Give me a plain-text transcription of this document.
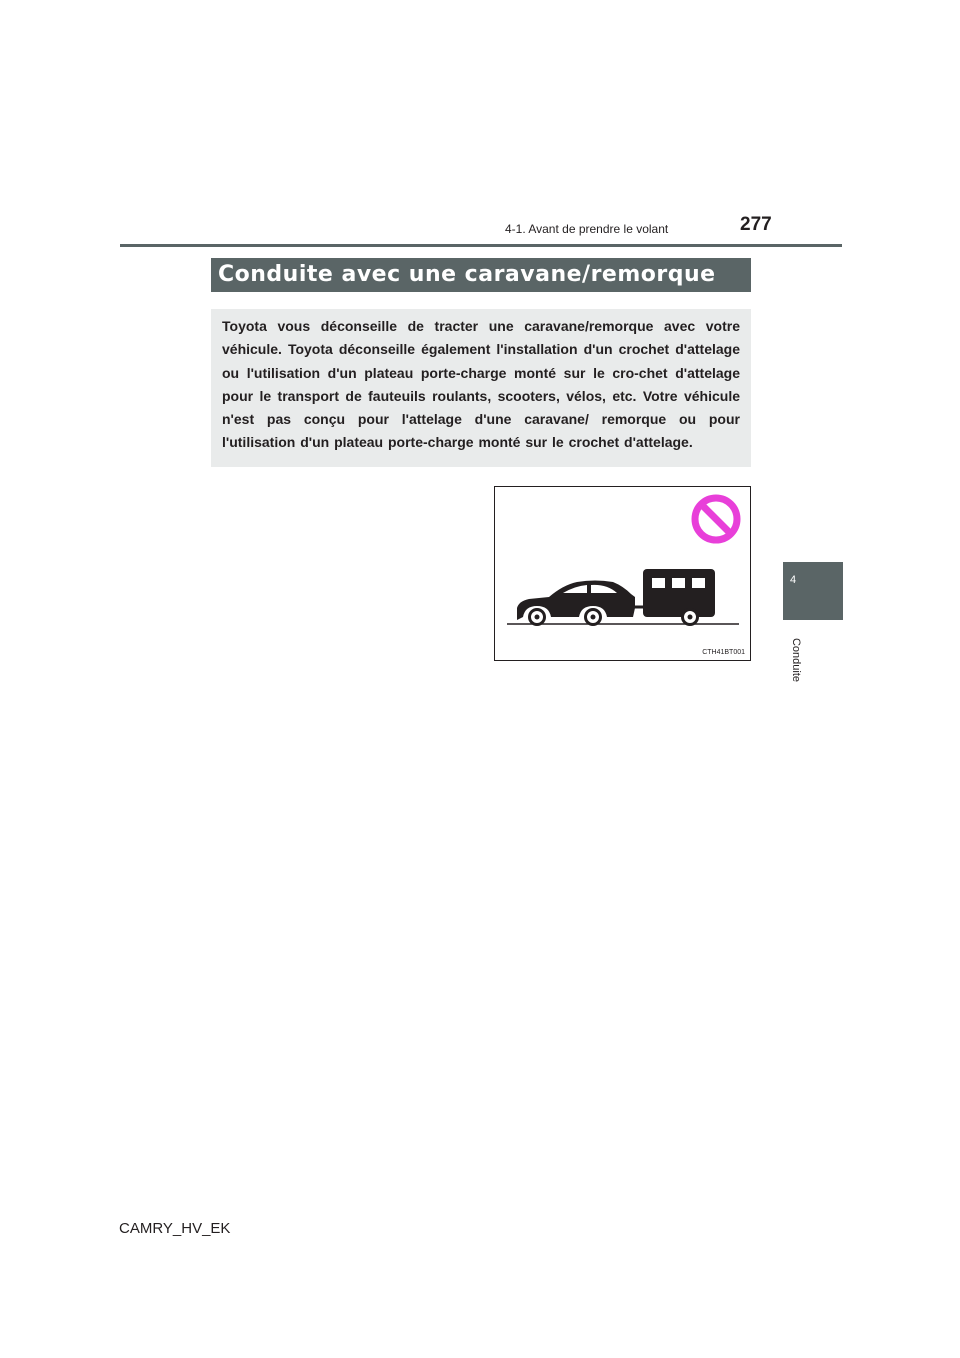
4-1. Avant de prendre le volant	277
4
Conduite
Conduite avec une caravane/remorque

Toyota vous déconseille de tracter une caravane/remorque avec votre véhicule. Toyota déconseille également l'installation d'un crochet d'attelage ou l'utilisation d'un plateau porte-charge monté sur le cro-chet d'attelage pour le transport de fauteuils roulants, scooters, vélos, etc. Votre véhicule n'est pas conçu pour l'attelage d'une caravane/ remorque ou pour l'utilisation d'un plateau porte-charge monté sur le crochet d'attelage.

CTH41BT001
CAMRY_HV_EK
